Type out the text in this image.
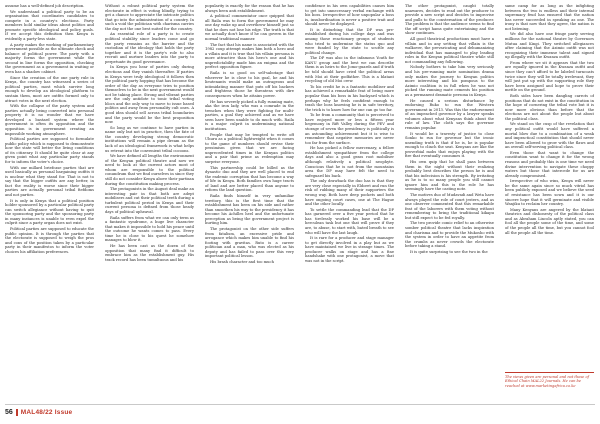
assume has a well-defined job description.

We understand a political party to be an organisation that coordinates candidates to compete in a country's elections. Party members hold similar ideas about politics and promote specific ideological and policy goals. If we accept this definition then Kenya is evidently a party-less state.

A party makes the working of parliamentary government possible as the ultimate check and balance of political power. The party with a majority forms the government while the second in line forms the opposition, checking the government as a government in waiting or even has a shadow cabinet.

Since the creation of the one party rule in Kenya, the country has witnessed a series of political parties, most which survive long enough to develop an ideological platform to sustain them, most are outfits formed only to attract votes in the next election.

With the collapse of the party system and parties actually being converted into personal property it is no wonder that we have developed a bastard system where the government is often its opposition and the opposition is in government creating an impossible working atmosphere.

Political parties are supposed to formulate public policy which is supposed to demonstrate how the state will better the living conditions of its citizenry. It should be quite clear at any given point what any particular party stands for to inform the voter's choice.

With our millard briefcase parties that are used basically as personal bargaining outfits it is unclear what they stand for. That is not to say that the bigger outfits are any better, in fact the reality is worse since their bigger parties are actually personal tribal fiefdoms and not parties.

It is only in Kenya that a political position holder sponsored by a particular political party can switch allegiance without having to quit the sponsoring party and the sponsoring party in many instances is unable to even expel the culprit since a party organ does not exist.

Political parties are supposed to educate the public opinion. It is through the parties that the electorate is supposed to weigh the pros and cons of the position taken by a particular party in their manifestos to inform the voter choices his affiliation preferences.

Without a robust political party system the electorate in effect is voting blindly, trying to get a chance to appreciate the intricate politics that go into the administration of a country. In such a void the politician with charisma carries the day not the one best suited for the country.

An essential role of a party is to create political stability since leaders come and go the party remains as the barrier and the custodian of the ideology that holds the party together and it is the party's role to also recruit and nurture leaders into the party to perpetuate its good governance.

In Kenya you hear of parties only during elections and they vanish thereafter. If parties in Kenya were truly ideological it follows then the political party hopping that has become the order of the day as everyone tries to position themselves to be in the next government would not be taking place. Strong and vibrant parties are the only antidote to tonic tribal voting blocs and the only way to move to issue based politics and away from personality cult ones. A good idea should sell across tribal boundaries and the party would be the best proposition now.

So long as we continue to have parties in name only but not in practice, then the fate of the country developing strong democratic institutions will remain a pipe dream as the lack of an ideological framework is what helps us retreat into the convenient tribal cocoons.

We have defined all lengths the environment of the Kenyan political theatre and now we need to look at the current actors most of whom are responsible to the political conundrum that we find ourselves in since they still do not consider Kenya above their partisan during the constitution making process.

The protagonists in the August deal make an interesting pair in that both are adept mobilisers and cut their political teeth during a turbulent political period in Kenya and their current persona is defined from those heady days of political upheaval.

Raila suffers from what we can only term as a fantastic syndrome, a huge live character that makes it impossible to hold his peace until the outcome he wants comes to pass. Every time he is close to his quest he somehow manages to blow it.

He has been cast as the dozen of the opposition that many find it difficult to embrace him as the establishment guy. His track record has been tumultuous and his

popularity is exactly for the reason that he has always been anti establishment.

A political commentator once quipped that all Raila was to form the government he may one day wake up and overthrow himself just so that he does not lose his edge. The truth is that we actually don't know if he can govern in the normal traditional manner.

The fact that his name is associated with the 1982 coup attempt makes him both a hero and a villain and it is true that his villain persona is more attractive than his hero's one and his unpredictability made him an enigma and the perfect opposition figure.

Raila is so good on self-sabotage that wherever he is close to his goal, he and his lieutenants would make an outrageous and intimidating manner that puts off his backers and frightens those he threatens with dire consequences when he attains power.

He has severely picked a fully running mate, aka the iron lady, who was a comrade in the trenches when they were fighting for multi-parties, a goal they achieved and as we have seen have been unable to do much with. Raila is a major culprit in undermining national institutions.

People that may be tempted to write off Uhuru as a political lightweight when it comes to the game of numbers should revise their pessimism given that we are facing unprecedented times in the Kenyan politics and a pair that prime as redemption may surprise everyone.

This partnership could be billed as the dynastic duo and they are well placed to end the endemic corruption that has become a way of life in Kenya. Both families own huge tracts of land and are better placed than anyone to reform the land question.

Raila finds himself in very unfamiliar territory, this is the first time that the establishment has been on his side and rather than smoothen his way to the presidency it has become his Achilles heel and the unfortunate perception as being the government project is hurting him.

The protagonist on the other side suffers from fatalism, an excessive pride and arrogance which makes him unable to find his footing with gravitas. Ruto is a career politician and a man, who was elected as his deputy and has failed to pass over this very important political lesson.

His brash character and too much

confidence in his own capabilities causes him to get into unnecessary verbal exchange with his boss. Irrespective of how unpopular a boss is, insubordination is never a positive trait and should never be displayed.

It is disturbing that the DP was pre-established during his college days and was among those reactionary groups of students who tried to undermine the status quo and were funded by the state to scuttle any political change.

The DP was also in the infamous Youth for KANU group and the best we can describe them is as heirs to the Jomo-guards and if truth be told should have cried the political areas with Moi at their godfather. This is a blatant recycling of old Moi crew.

To his credit he is a fantastic mobiliser and has achieved a remarkable feat of being more popular than his boss in his backyard which is perhaps why he feels confident enough to trash the boss knowing he is in safe territory, the trick is to know how far one can go too far.

To be from a community that is perceived to have enjoyed more or less a fifteen year hegemony in Rift Valley during the PEV and storage of seven the presidency is politically is an astounding achievement but it is wise to remember that negative memories are never too far from the surface.

He has picked a fellow mercenary, a fellow establishment sympathiser from the college days and also a good grass root mobiliser although relatively a political neophyte. Conscious that he is not from the mountains area the DP may have felt the need to safeguard his back.

The only drawback the duo has is that they are very close especially in Eldoret and run the risk of rubbing many of their supporters the wrong way. Both have deep pockets and both have ongoing court cases, one at The Hague and the other locally.

To settle the commanding lead that the DP has garnered over a five year period that he has tirelessly worked his base will be a herculean task but one that will prove if they are, to abuse, to start with, bated breath to see who will have the last laugh.

It is rare for a producer and stage manager to get directly involved in a play but as we have maintained we live in strange times. The producer walks on stage and has a fine handshake with one protagonist, a move that was not in the script.

The other protagonist, caught totally unawares, decides to read out the producer to provide a new script and decides to improvise and pulls to the consternation of the producer. The problem is that the audience seems to find the off script hams quite entertaining and the show continues.

All good theatrical productions must have a villain and in any setting that villain is the walkover, the prevaricating and dehumanizing individual that has managed to play leading roles in the Kenyan political theatre while still not commanding any following.

Nobody bothers to take him very seriously and his pre-running mate nomination drama only makes the journey to Kenyan politics more interesting and his pompous to the Azimio coalition is in full when he was not picked the running mate cements his position as a permanent dramatic persona in Kenya.

He caused a serious disturbance by endorsing Ruko to run the Western government in 2013. Was this the endorsement of an impeached governor by a lawyer speaks volumes about what Kenyans think about the rule of law. The cloth says the governor remains popular.

It would be a travesty of justice to close Sonko to run for governor but the ironic unending truth is that if he is, he is popular enough to clinch the seat. Kenyans are like the proverbial mobs that enjoys playing with the fire that eventually consumes it.

His own quip that he shall pass between them in the night without their realizing probably best describes the person he is and that his indecision is his strength. By irritating as he is to so many people you still cannot ignore him and this is the role he has seemingly have the casting note.

The motives duo of Mudavadi and Weta have always played the role of court jesters, and as one observer commented that this remarkable feat of the laborers with them voting without remembering to bring the traditional kikapu but still expect to be fed royally.

The two provide comic relief to an otherwise somber political theatre that lacks inspiration and charisma and to provide the Mukosho with the system in order to have an appetite from the crumbs as never crowds the electorate before taking a stand.

It is quite surprising to see the two in the

same camp for as long as the infighting between the two is endless and their internal supremacy feud has ensured that the nation has never succeeded in speaking as one. The irony is that now that they agree, the nation is not listening.

We did also have one fringe party serving millions for the national theatre by Governors Mutua and Kingi. They switched allegiances after claiming that the Azimio outfit was not recognizing their immense talent and signed up illegally with the Kwanza outfit.

From where we sit it appears that the two are equally ignored in the Kwanza outfit and since they can't afford to be labeled turncoats twice since they will be totally irrelevant, they will just put up with the supporting role they have been assigned and hope to prove their mettle on the ground.

Both sides have been dangling carrots of positions that do not exist in the constitution in the hope of cornering the tribal vote but it is now more obvious than before that the elections are not about the people but about the political class.

We stand on the cusp of the revelation that any political outfit would have suffered a mortal blow due to a combination of a weak and impractical constitution that should never have been allowed to grow with the flaws and an overall self-serving political class.

Even those that want to change the constitution want to change it for the wrong reasons and probably this is one time we need divine intervention to navigate these choppy waters but those that intercede for us are already compromised.

Irrespective of who wins, Kenya will never be the same again since so much vitriol has been publicly exposed and we believe the seed of resistance has been sown and it is our sincere hope that it will germinate and visible Wanjiku to reclaim her country.

Many Kenyans are angered by the blatant theatrics and dishonesty of the political class and as Abraham Lincoln aptly stated, you can fool all the people some of the time, and some of the people all the time, but you cannot fool all the people all the time.

The views given are personal and not those of Ethical Chain MAL22 Journals. He can be reached at www.marketingafrica.co.ke
56 MAL48/22 Issue
